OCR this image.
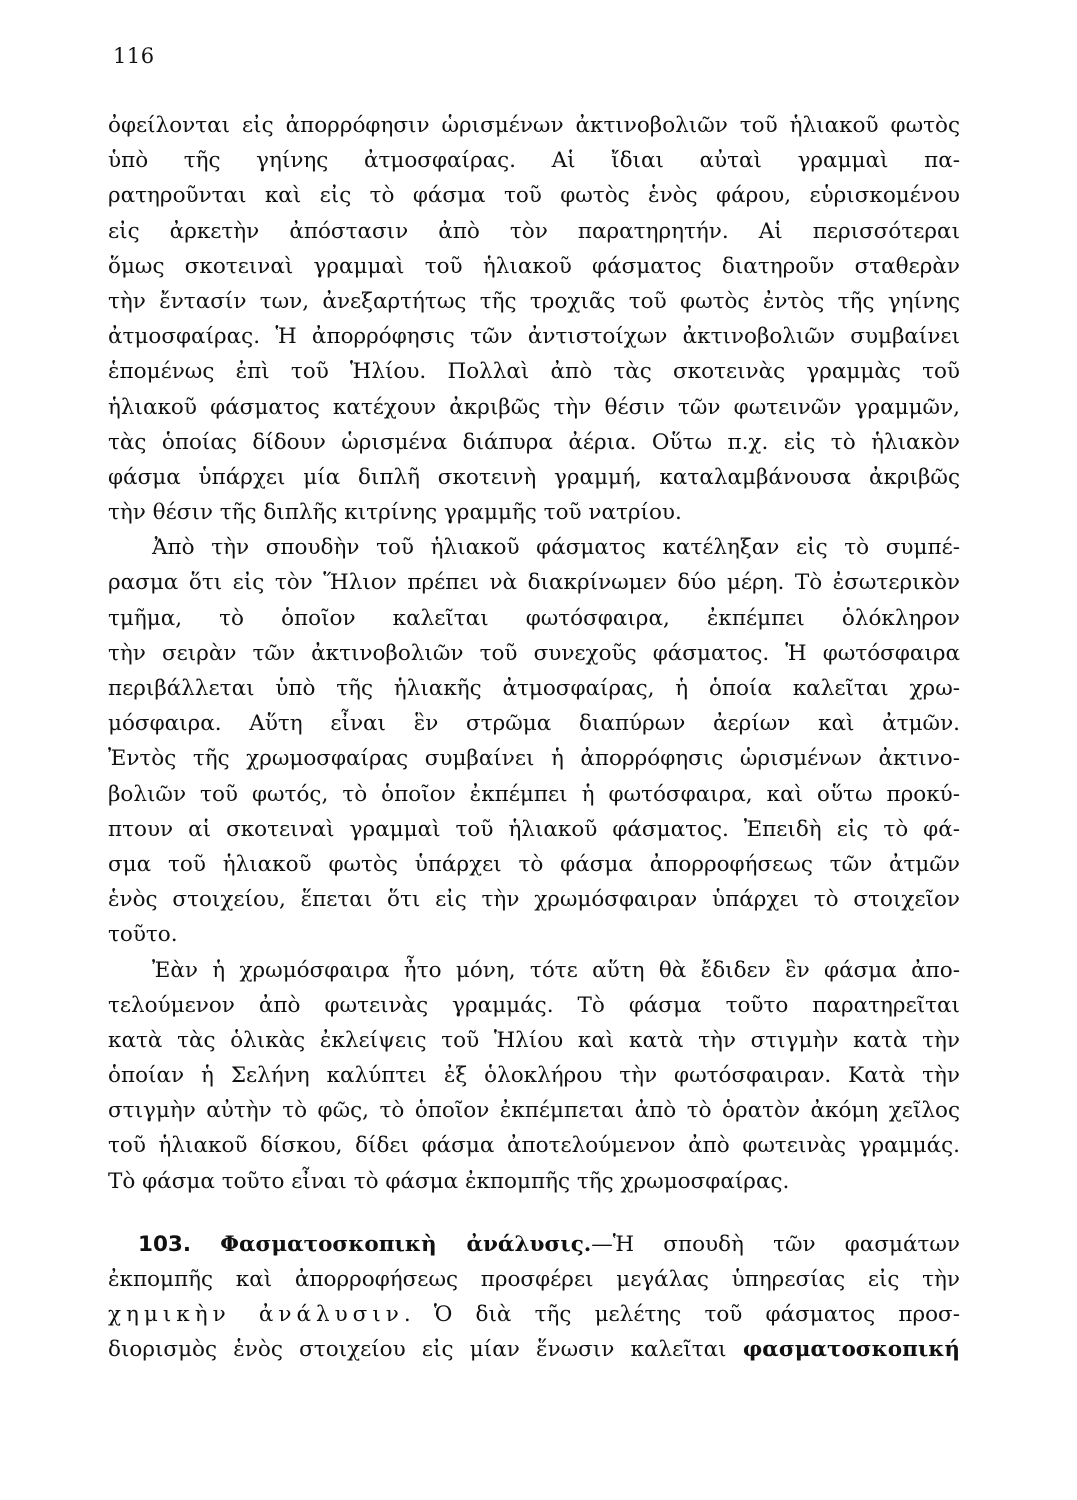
116
ὀφείλονται εἰς ἀπορρόφησιν ὡρισμένων ἀκτινοβολιῶν τοῦ ἡλιακοῦ φωτὸς
ὑπὸ τῆς γηίνης ἀτμοσφαίρας. Αἱ ἴδιαι αὐταὶ γραμμαὶ πα-
ρατηροῦνται καὶ εἰς τὸ φάσμα τοῦ φωτὸς ἑνὸς φάρου, εὑρισκομένου
εἰς ἀρκετὴν ἀπόστασιν ἀπὸ τὸν παρατηρητήν. Αἱ περισσότεραι
ὅμως σκοτειναὶ γραμμαὶ τοῦ ἡλιακοῦ φάσματος διατηροῦν σταθερὰν
τὴν ἔντασίν των, ἀνεξαρτήτως τῆς τροχιᾶς τοῦ φωτὸς ἐντὸς τῆς γηίνης
ἀτμοσφαίρας. Ἡ ἀπορρόφησις τῶν ἀντιστοίχων ἀκτινοβολιῶν συμβαίνει
ἑπομένως ἐπὶ τοῦ Ἡλίου. Πολλαὶ ἀπὸ τὰς σκοτεινὰς γραμμὰς τοῦ
ἡλιακοῦ φάσματος κατέχουν ἀκριβῶς τὴν θέσιν τῶν φωτεινῶν γραμμῶν,
τὰς ὁποίας δίδουν ὡρισμένα διάπυρα ἀέρια. Οὕτω π.χ. εἰς τὸ ἡλιακὸν
φάσμα ὑπάρχει μία διπλῆ σκοτεινὴ γραμμή, καταλαμβάνουσα ἀκριβῶς
τὴν θέσιν τῆς διπλῆς κιτρίνης γραμμῆς τοῦ νατρίου.
Ἀπὸ τὴν σπουδὴν τοῦ ἡλιακοῦ φάσματος κατέληξαν εἰς τὸ συμπέ-
ρασμα ὅτι εἰς τὸν Ἥλιον πρέπει νὰ διακρίνωμεν δύο μέρη. Τὸ ἐσωτερικὸν
τμῆμα, τὸ ὁποῖον καλεῖται φωτόσφαιρα, ἐκπέμπει ὁλόκληρον
τὴν σειρὰν τῶν ἀκτινοβολιῶν τοῦ συνεχοῦς φάσματος. Ἡ φωτόσφαιρα
περιβάλλεται ὑπὸ τῆς ἡλιακῆς ἀτμοσφαίρας, ἡ ὁποία καλεῖται χρω-
μόσφαιρα. Αὕτη εἶναι ἓν στρῶμα διαπύρων ἀερίων καὶ ἀτμῶν.
Ἐντὸς τῆς χρωμοσφαίρας συμβαίνει ἡ ἀπορρόφησις ὡρισμένων ἀκτινο-
βολιῶν τοῦ φωτός, τὸ ὁποῖον ἐκπέμπει ἡ φωτόσφαιρα, καὶ οὕτω προκύ-
πτουν αἱ σκοτειναὶ γραμμαὶ τοῦ ἡλιακοῦ φάσματος. Ἐπειδὴ εἰς τὸ φά-
σμα τοῦ ἡλιακοῦ φωτὸς ὑπάρχει τὸ φάσμα ἀπορροφήσεως τῶν ἀτμῶν
ἑνὸς στοιχείου, ἕπεται ὅτι εἰς τὴν χρωμόσφαιραν ὑπάρχει τὸ στοιχεῖον
τοῦτο.
Ἐὰν ἡ χρωμόσφαιρα ἦτο μόνη, τότε αὕτη θὰ ἔδιδεν ἓν φάσμα ἀπο-
τελούμενον ἀπὸ φωτεινὰς γραμμάς. Τὸ φάσμα τοῦτο παρατηρεῖται
κατὰ τὰς ὁλικὰς ἐκλείψεις τοῦ Ἡλίου καὶ κατὰ τὴν στιγμὴν κατὰ τὴν
ὁποίαν ἡ Σελήνη καλύπτει ἐξ ὁλοκλήρου τὴν φωτόσφαιραν. Κατὰ τὴν
στιγμὴν αὐτὴν τὸ φῶς, τὸ ὁποῖον ἐκπέμπεται ἀπὸ τὸ ὁρατὸν ἀκόμη χεῖλος
τοῦ ἡλιακοῦ δίσκου, δίδει φάσμα ἀποτελούμενον ἀπὸ φωτεινὰς γραμμάς.
Τὸ φάσμα τοῦτο εἶναι τὸ φάσμα ἐκπομπῆς τῆς χρωμοσφαίρας.
103. Φασματοσκοπικὴ ἀνάλυσις.—Ἡ σπουδὴ τῶν φασμάτων
ἐκπομπῆς καὶ ἀπορροφήσεως προσφέρει μεγάλας ὑπηρεσίας εἰς τὴν
χημικὴν ἀνάλυσιν. Ὁ διὰ τῆς μελέτης τοῦ φάσματος προσ-
διορισμὸς ἑνὸς στοιχείου εἰς μίαν ἕνωσιν καλεῖται φασματοσκοπική
